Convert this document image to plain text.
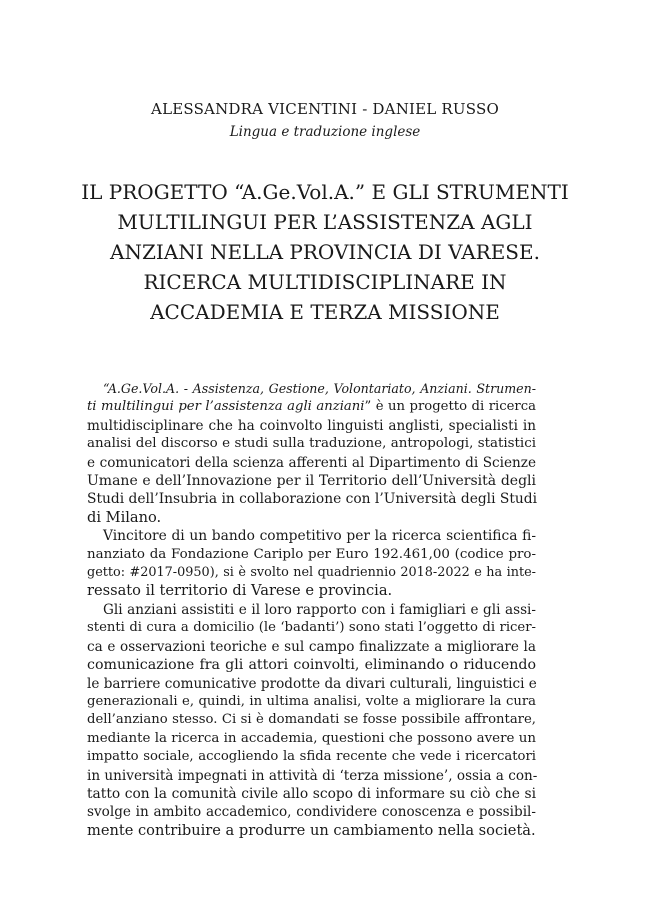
ALESSANDRA VICENTINI - DANIEL RUSSO
Lingua e traduzione inglese
IL PROGETTO “A.Ge.Vol.A.” E GLI STRUMENTI
MULTILINGUI PER L’ASSISTENZA AGLI
ANZIANI NELLA PROVINCIA DI VARESE.
RICERCA MULTIDISCIPLINARE IN
ACCADEMIA E TERZA MISSIONE
“A.Ge.Vol.A. - Assistenza, Gestione, Volontariato, Anziani. Strumen-
ti multilingui per l’assistenza agli anziani” è un progetto di ricerca
multidisciplinare che ha coinvolto linguisti anglisti, specialisti in
analisi del discorso e studi sulla traduzione, antropologi, statistici
e comunicatori della scienza afferenti al Dipartimento di Scienze
Umane e dell’Innovazione per il Territorio dell’Università degli
Studi dell’Insubria in collaborazione con l’Università degli Studi
di Milano.
Vincitore di un bando competitivo per la ricerca scientifica fi-
nanziato da Fondazione Cariplo per Euro 192.461,00 (codice pro-
getto: #2017-0950), si è svolto nel quadriennio 2018-2022 e ha inte-
ressato il territorio di Varese e provincia.
Gli anziani assistiti e il loro rapporto con i famigliari e gli assi-
stenti di cura a domicilio (le ‘badanti’) sono stati l’oggetto di ricer-
ca e osservazioni teoriche e sul campo finalizzate a migliorare la
comunicazione fra gli attori coinvolti, eliminando o riducendo
le barriere comunicative prodotte da divari culturali, linguistici e
generazionali e, quindi, in ultima analisi, volte a migliorare la cura
dell’anziano stesso. Ci si è domandati se fosse possibile affrontare,
mediante la ricerca in accademia, questioni che possono avere un
impatto sociale, accogliendo la sfida recente che vede i ricercatori
in università impegnati in attività di ‘terza missione’, ossia a con-
tatto con la comunità civile allo scopo di informare su ciò che si
svolge in ambito accademico, condividere conoscenza e possibil-
mente contribuire a produrre un cambiamento nella società.
